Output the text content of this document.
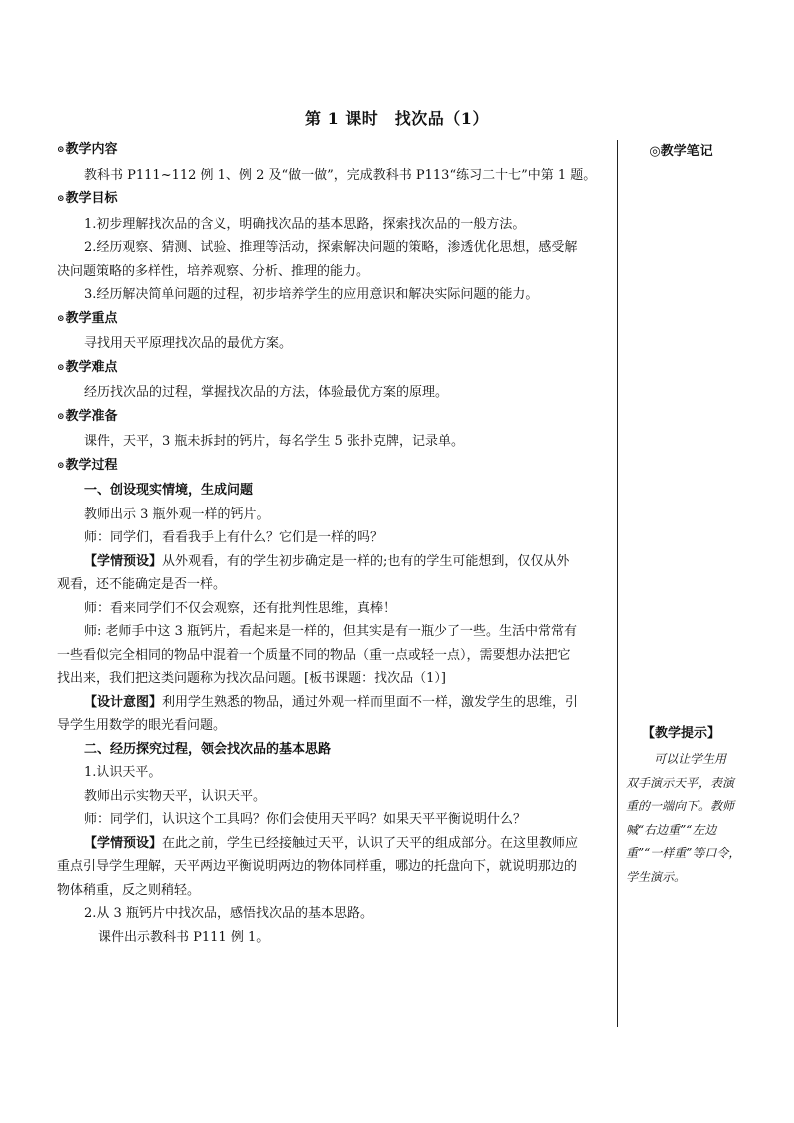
第 1 课时　找次品（1）
◎教学笔记
⊙ 教学内容
教科书 P111~112 例 1、例 2 及“做一做”，完成教科书 P113“练习二十七”中第 1 题。
⊙ 教学目标
1.初步理解找次品的含义，明确找次品的基本思路，探索找次品的一般方法。
2.经历观察、猜测、试验、推理等活动，探索解决问题的策略，渗透优化思想，感受解
决问题策略的多样性，培养观察、分析、推理的能力。
3.经历解决简单问题的过程，初步培养学生的应用意识和解决实际问题的能力。
⊙ 教学重点
寻找用天平原理找次品的最优方案。
⊙ 教学难点
经历找次品的过程，掌握找次品的方法，体验最优方案的原理。
⊙ 教学准备
课件，天平，3 瓶未拆封的钙片，每名学生 5 张扑克牌，记录单。
⊙ 教学过程
一、创设现实情境，生成问题
教师出示 3 瓶外观一样的钙片。
师：同学们，看看我手上有什么？它们是一样的吗？
【学情预设】从外观看，有的学生初步确定是一样的;也有的学生可能想到，仅仅从外
观看，还不能确定是否一样。
师：看来同学们不仅会观察，还有批判性思维，真棒！
师: 老师手中这 3 瓶钙片，看起来是一样的，但其实是有一瓶少了一些。生活中常常有
一些看似完全相同的物品中混着一个质量不同的物品（重一点或轻一点），需要想办法把它
找出来，我们把这类问题称为找次品问题。[板书课题：找次品（1）]
【设计意图】利用学生熟悉的物品，通过外观一样而里面不一样，激发学生的思维，引
导学生用数学的眼光看问题。
二、经历探究过程，领会找次品的基本思路
1.认识天平。
教师出示实物天平，认识天平。
师：同学们，认识这个工具吗？你们会使用天平吗？如果天平平衡说明什么？
【学情预设】在此之前，学生已经接触过天平，认识了天平的组成部分。在这里教师应
重点引导学生理解，天平两边平衡说明两边的物体同样重，哪边的托盘向下，就说明那边的
物体稍重，反之则稍轻。
2.从 3 瓶钙片中找次品，感悟找次品的基本思路。
课件出示教科书 P111 例 1。
【教学提示】
可以让学生用
双手演示天平，表演
重的一端向下。教师
喊“右边重”“左边
重”“一样重”等口令，
学生演示。
